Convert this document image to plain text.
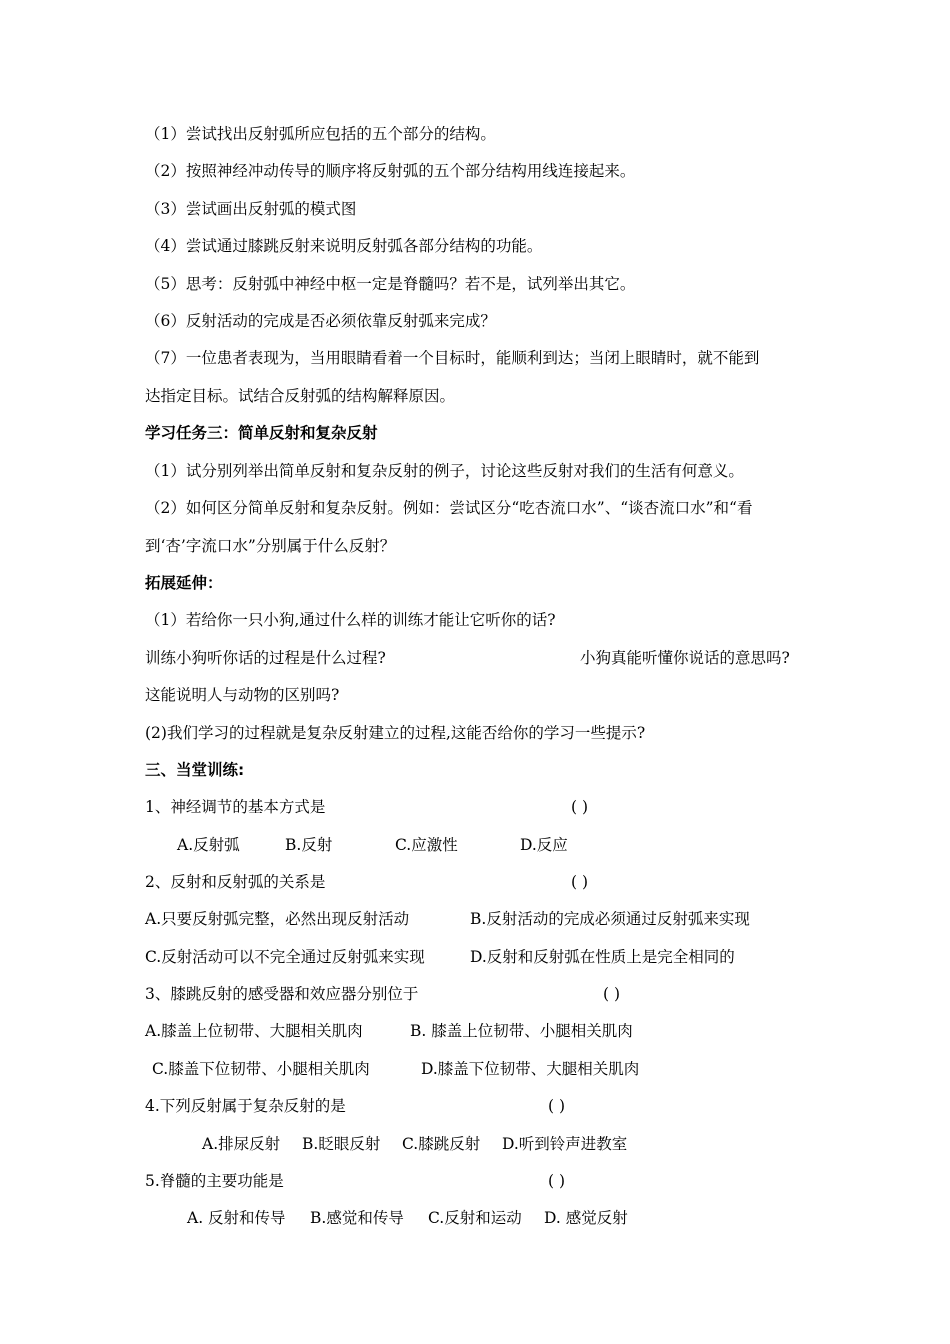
（1）尝试找出反射弧所应包括的五个部分的结构。
（2）按照神经冲动传导的顺序将反射弧的五个部分结构用线连接起来。
（3）尝试画出反射弧的模式图
（4）尝试通过膝跳反射来说明反射弧各部分结构的功能。
（5）思考：反射弧中神经中枢一定是脊髓吗？若不是，试列举出其它。
（6）反射活动的完成是否必须依靠反射弧来完成？
（7）一位患者表现为，当用眼睛看着一个目标时，能顺利到达；当闭上眼睛时，就不能到
达指定目标。试结合反射弧的结构解释原因。
学习任务三：简单反射和复杂反射
（1）试分别列举出简单反射和复杂反射的例子，讨论这些反射对我们的生活有何意义。
（2）如何区分简单反射和复杂反射。例如：尝试区分“吃杏流口水”、“谈杏流口水”和“看
到‘杏’字流口水”分别属于什么反射？
拓展延伸：
（1）若给你一只小狗,通过什么样的训练才能让它听你的话?
训练小狗听你话的过程是什么过程?	小狗真能听懂你说话的意思吗?
这能说明人与动物的区别吗?
(2)我们学习的过程就是复杂反射建立的过程,这能否给你的学习一些提示?
三、当堂训练:
1、神经调节的基本方式是	( )
A.反射弧	B.反射	C.应激性	D.反应
2、反射和反射弧的关系是	( )
A.只要反射弧完整，必然出现反射活动	B.反射活动的完成必须通过反射弧来实现
C.反射活动可以不完全通过反射弧来实现	D.反射和反射弧在性质上是完全相同的
3、膝跳反射的感受器和效应器分别位于	( )
A.膝盖上位韧带、大腿相关肌肉	B. 膝盖上位韧带、小腿相关肌肉
C.膝盖下位韧带、小腿相关肌肉	D.膝盖下位韧带、大腿相关肌肉
4.下列反射属于复杂反射的是	( )
A.排尿反射 B.眨眼反射 C.膝跳反射 D.听到铃声进教室
5.脊髓的主要功能是	( )
A. 反射和传导 B.感觉和传导 C.反射和运动 D. 感觉反射
